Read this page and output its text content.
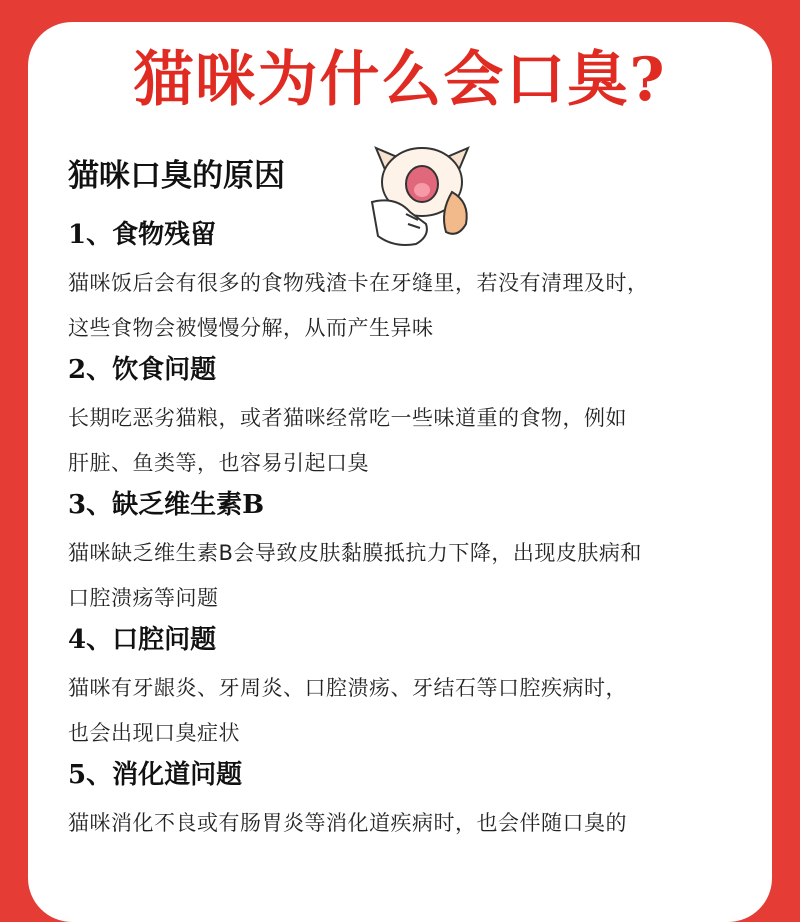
猫咪为什么会口臭?
猫咪口臭的原因

1、食物残留

猫咪饭后会有很多的食物残渣卡在牙缝里，若没有清理及时，
这些食物会被慢慢分解，从而产生异味

2、饮食问题

长期吃恶劣猫粮，或者猫咪经常吃一些味道重的食物，例如
肝脏、鱼类等，也容易引起口臭

3、缺乏维生素B

猫咪缺乏维生素B会导致皮肤黏膜抵抗力下降，出现皮肤病和
口腔溃疡等问题

4、口腔问题

猫咪有牙龈炎、牙周炎、口腔溃疡、牙结石等口腔疾病时，
也会出现口臭症状

5、消化道问题

猫咪消化不良或有肠胃炎等消化道疾病时，也会伴随口臭的
